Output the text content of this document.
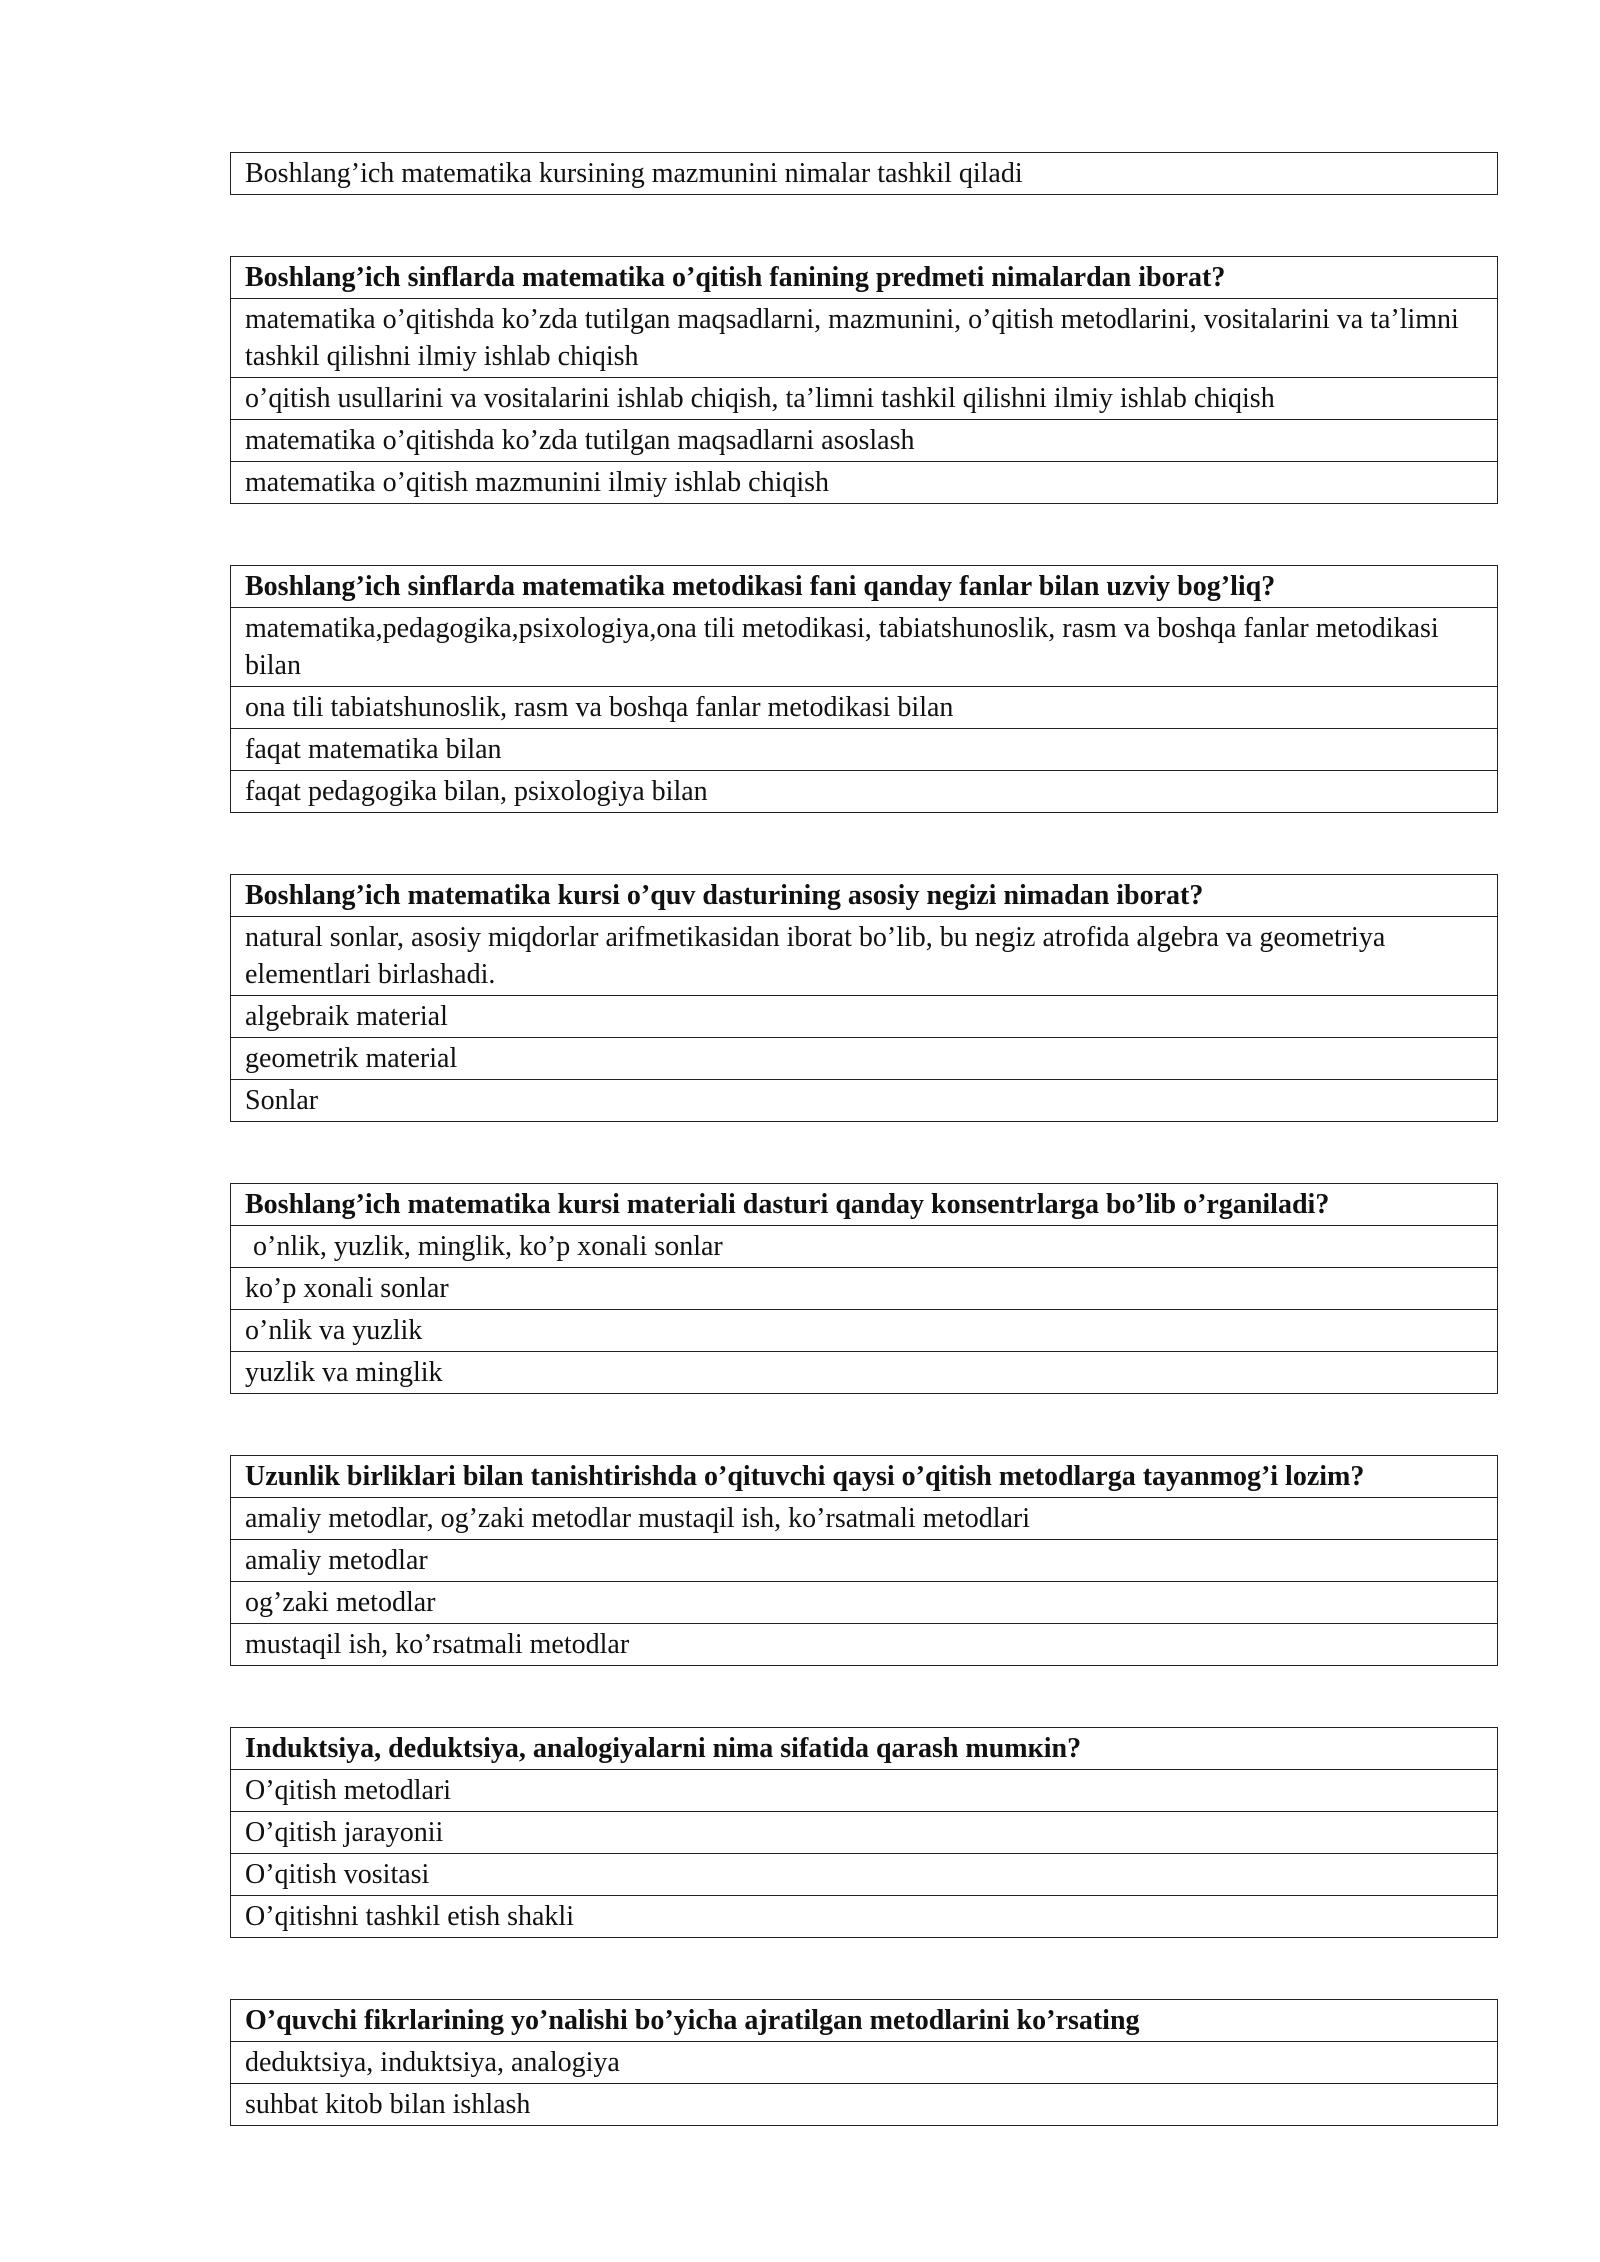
Boshlang’ich matematika kursining mazmunini nimalar tashkil qiladi
Boshlang’ich sinflarda matematika o’qitish fanining predmeti nimalardan iborat?
matematika o’qitishda ko’zda tutilgan maqsadlarni, mazmunini, o’qitish metodlarini, vositalarini va ta’limni tashkil qilishni ilmiy ishlab chiqish
o’qitish usullarini va vositalarini ishlab chiqish, ta’limni tashkil qilishni ilmiy ishlab chiqish
matematika o’qitishda ko’zda tutilgan maqsadlarni asoslash
matematika o’qitish mazmunini ilmiy ishlab chiqish
Boshlang’ich sinflarda matematika metodikasi fani qanday fanlar bilan uzviy bog’liq?
matematika,pedagogika,psixologiya,ona tili metodikasi, tabiatshunoslik, rasm va boshqa fanlar metodikasi bilan
ona tili tabiatshunoslik, rasm va boshqa fanlar metodikasi bilan
faqat matematika bilan
faqat pedagogika bilan, psixologiya bilan
Boshlang’ich matematika kursi o’quv dasturining asosiy negizi nimadan iborat?
natural sonlar, asosiy miqdorlar arifmetikasidan iborat bo’lib, bu negiz atrofida algebra va geometriya elementlari birlashadi.
algebraik material
geometrik material
Sonlar
Boshlang’ich matematika kursi materiali dasturi qanday konsentrlarga bo’lib o’rganiladi?
o’nlik, yuzlik, minglik, ko’p xonali sonlar
ko’p xonali sonlar
o’nlik va yuzlik
yuzlik va minglik
Uzunlik birliklari bilan tanishtirishda o’qituvchi qaysi o’qitish metodlarga tayanmog’i lozim?
amaliy metodlar, og’zaki metodlar mustaqil ish, ko’rsatmali metodlari
amaliy metodlar
og’zaki metodlar
mustaqil ish, ko’rsatmali metodlar
Induktsiya, deduktsiya, analogiyalarni nima sifatida qarash mumкin?
O’qitish metodlari
O’qitish jarayonii
O’qitish vositasi
O’qitishni tashkil etish shakli
O’quvchi fikrlarining yo’nalishi bo’yicha ajratilgan metodlarini ko’rsating
deduktsiya, induktsiya, analogiya
suhbat kitob bilan ishlash
